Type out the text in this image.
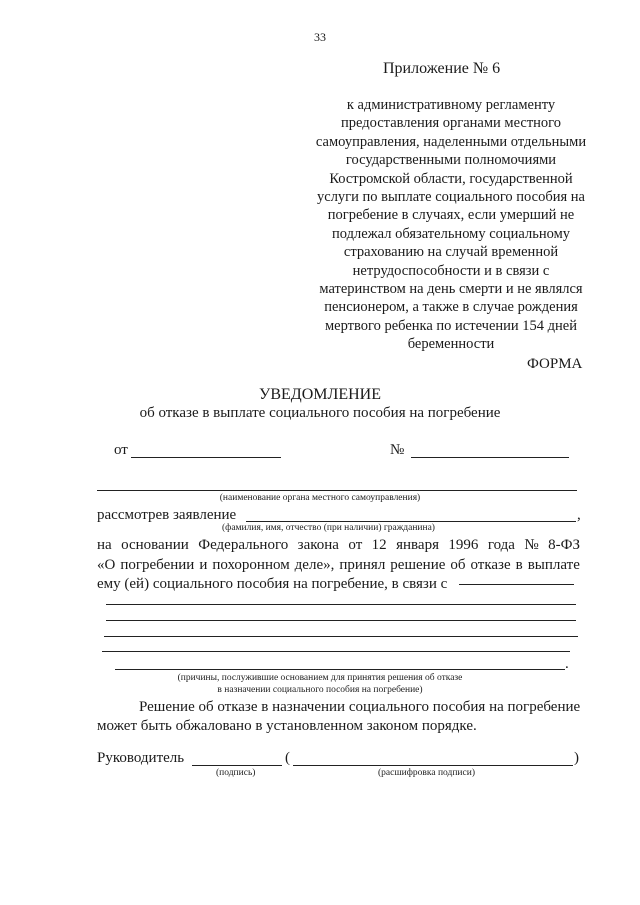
33
Приложение № 6
к административному регламенту
предоставления органами местного
самоуправления, наделенными отдельными
государственными полномочиями
Костромской области, государственной
услуги по выплате социального пособия на
погребение в случаях, если умерший не
подлежал обязательному социальному
страхованию на случай временной
нетрудоспособности и в связи с
материнством на день смерти и не являлся
пенсионером, а также в случае рождения
мертвого ребенка по истечении 154 дней
беременности
ФОРМА
УВЕДОМЛЕНИЕ
об отказе в выплате социального пособия на погребение
от	№
(наименование органа местного самоуправления)
рассмотрев заявление	,
(фамилия, имя, отчество (при наличии) гражданина)
на основании Федерального закона от 12 января 1996 года № 8-ФЗ
«О погребении и похоронном деле», принял решение об отказе в выплате
ему (ей) социального пособия на погребение, в связи с
.
(причины, послужившие основанием для принятия решения об отказе
в назначении социального пособия на погребение)
Решение об отказе в назначении социального пособия на погребение
может быть обжаловано в установленном законом порядке.
Руководитель	(	)
(подпись)	(расшифровка подписи)
